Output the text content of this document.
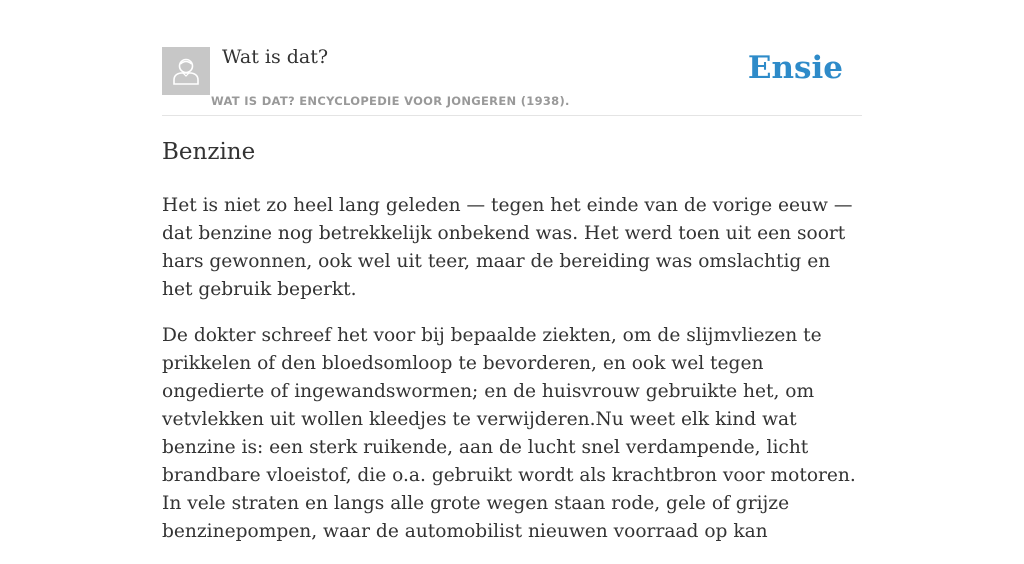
Wat is dat?
WAT IS DAT? ENCYCLOPEDIE VOOR JONGEREN (1938).
Ensie
Benzine

Het is niet zo heel lang geleden — tegen het einde van de vorige eeuw — dat benzine nog betrekkelijk onbekend was. Het werd toen uit een soort hars gewonnen, ook wel uit teer, maar de bereiding was omslachtig en het gebruik beperkt.

De dokter schreef het voor bij bepaalde ziekten, om de slijmvliezen te prikkelen of den bloedsomloop te bevorderen, en ook wel tegen ongedierte of ingewandswormen; en de huisvrouw gebruikte het, om vetvlekken uit wollen kleedjes te verwijderen.Nu weet elk kind wat benzine is: een sterk ruikende, aan de lucht snel verdampende, licht brandbare vloeistof, die o.a. gebruikt wordt als krachtbron voor motoren. In vele straten en langs alle grote wegen staan rode, gele of grijze benzinepompen, waar de automobilist nieuwen voorraad op kan
